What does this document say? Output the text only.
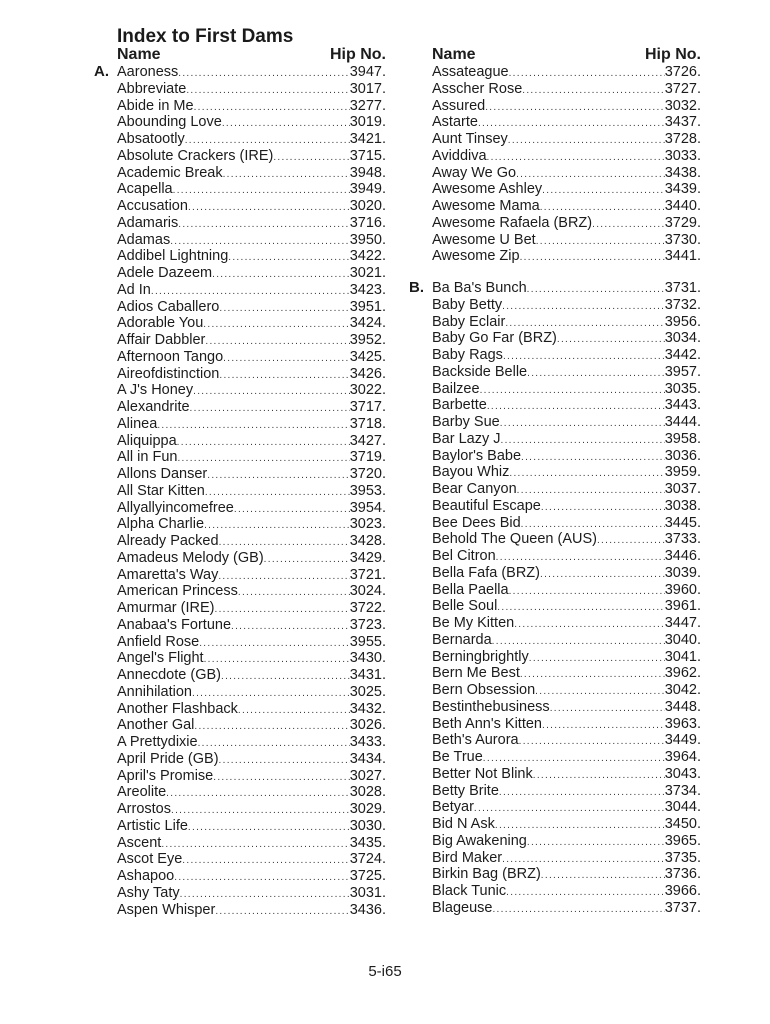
Index to First Dams
Name	Hip No.
A. Aaroness .....	3947.
Abbreviate .....	3017.
Abide in Me .....	3277.
Abounding Love .....	3019.
Absatootly .....	3421.
Absolute Crackers (IRE) .....	3715.
Academic Break .....	3948.
Acapella .....	3949.
Accusation .....	3020.
Adamaris .....	3716.
Adamas .....	3950.
Addibel Lightning .....	3422.
Adele Dazeem .....	3021.
Ad In .....	3423.
Adios Caballero .....	3951.
Adorable You .....	3424.
Affair Dabbler .....	3952.
Afternoon Tango .....	3425.
Aireofdistinction .....	3426.
A J's Honey .....	3022.
Alexandrite .....	3717.
Alinea .....	3718.
Aliquippa .....	3427.
All in Fun .....	3719.
Allons Danser .....	3720.
All Star Kitten .....	3953.
Allyallyincomefree .....	3954.
Alpha Charlie .....	3023.
Already Packed .....	3428.
Amadeus Melody (GB) .....	3429.
Amaretta's Way .....	3721.
American Princess .....	3024.
Amurmar (IRE) .....	3722.
Anabaa's Fortune .....	3723.
Anfield Rose .....	3955.
Angel's Flight .....	3430.
Annecdote (GB) .....	3431.
Annihilation .....	3025.
Another Flashback .....	3432.
Another Gal .....	3026.
A Prettydixie .....	3433.
April Pride (GB) .....	3434.
April's Promise .....	3027.
Areolite .....	3028.
Arrostos .....	3029.
Artistic Life .....	3030.
Ascent .....	3435.
Ascot Eye .....	3724.
Ashapoo .....	3725.
Ashy Taty .....	3031.
Aspen Whisper .....	3436.
Name	Hip No.
Assateague .....	3726.
Asscher Rose .....	3727.
Assured .....	3032.
Astarte .....	3437.
Aunt Tinsey .....	3728.
Aviddiva .....	3033.
Away We Go .....	3438.
Awesome Ashley .....	3439.
Awesome Mama .....	3440.
Awesome Rafaela (BRZ) .....	3729.
Awesome U Bet .....	3730.
Awesome Zip .....	3441.
B. Ba Ba's Bunch .....	3731.
Baby Betty .....	3732.
Baby Eclair .....	3956.
Baby Go Far (BRZ) .....	3034.
Baby Rags .....	3442.
Backside Belle .....	3957.
Bailzee .....	3035.
Barbette .....	3443.
Barby Sue .....	3444.
Bar Lazy J .....	3958.
Baylor's Babe .....	3036.
Bayou Whiz .....	3959.
Bear Canyon .....	3037.
Beautiful Escape .....	3038.
Bee Dees Bid .....	3445.
Behold The Queen (AUS) .....	3733.
Bel Citron .....	3446.
Bella Fafa (BRZ) .....	3039.
Bella Paella .....	3960.
Belle Soul .....	3961.
Be My Kitten .....	3447.
Bernarda .....	3040.
Berningbrightly .....	3041.
Bern Me Best .....	3962.
Bern Obsession .....	3042.
Bestinthebusiness .....	3448.
Beth Ann's Kitten .....	3963.
Beth's Aurora .....	3449.
Be True .....	3964.
Better Not Blink .....	3043.
Betty Brite .....	3734.
Betyar .....	3044.
Bid N Ask .....	3450.
Big Awakening .....	3965.
Bird Maker .....	3735.
Birkin Bag (BRZ) .....	3736.
Black Tunic .....	3966.
Blageuse .....	3737.
5-i65
